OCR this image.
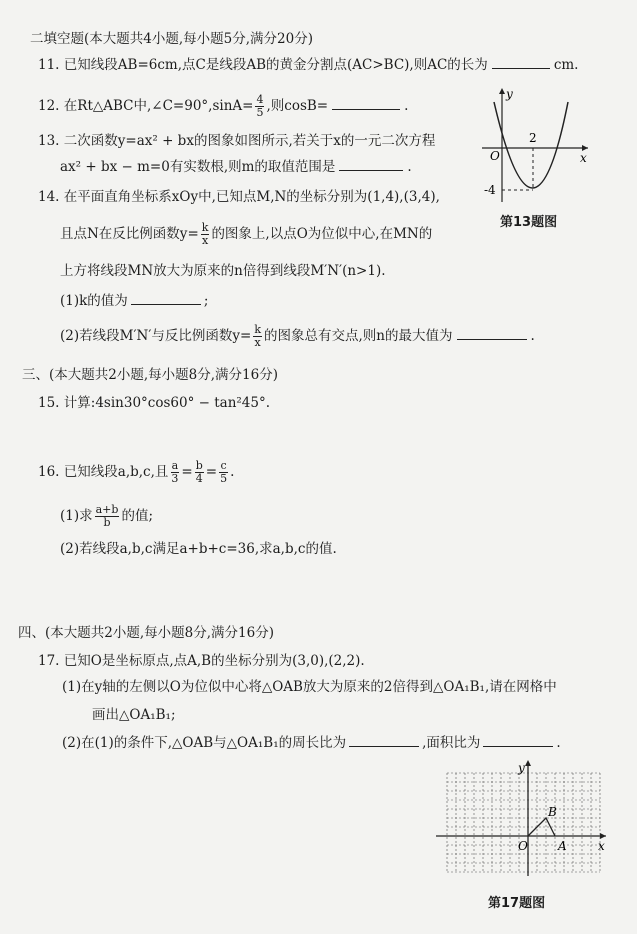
二填空题(本大题共4小题,每小题5分,满分20分)
11. 已知线段AB=6cm,点C是线段AB的黄金分割点(AC>BC),则AC的长为	cm.
12. 在Rt△ABC中,∠C=90°,sinA= $\frac{4}{5}$ ,则cosB=	.
13. 二次函数y=ax² + bx的图象如图所示,若关于x的一元二次方程
ax² + bx − m=0有实数根,则m的取值范围是	.
y
x
O
2
-4
第13题图
14. 在平面直角坐标系xOy中,已知点M,N的坐标分别为(1,4),(3,4),
且点N在反比例函数$y= \frac{k}{x}$ 的图象上,以点O为位似中心,在MN的
上方将线段MN放大为原来的n倍得到线段M′N′(n>1).
(1)k的值为	;
(2)若线段M′N′与反比例函数$y= \frac{k}{x}$ 的图象总有交点,则n的最大值为	.
三、(本大题共2小题,每小题8分,满分16分)
15. 计算:4sin30°cos60° − tan²45°.
16. 已知线段a,b,c,且 $\frac{a}{3} = \frac{b}{4} = \frac{c}{5}$ .
(1)求 $\frac{a+b}{b}$ 的值;
(2)若线段a,b,c满足a+b+c=36,求a,b,c的值.
四、(本大题共2小题,每小题8分,满分16分)
17. 已知O是坐标原点,点A,B的坐标分别为(3,0),(2,2).
(1)在y轴的左侧以O为位似中心将△OAB放大为原来的2倍得到△OA₁B₁,请在网格中
画出△OA₁B₁;
(2)在(1)的条件下,△OAB与△OA₁B₁的周长比为	,面积比为	.
y
x
O	A
B
第17题图
